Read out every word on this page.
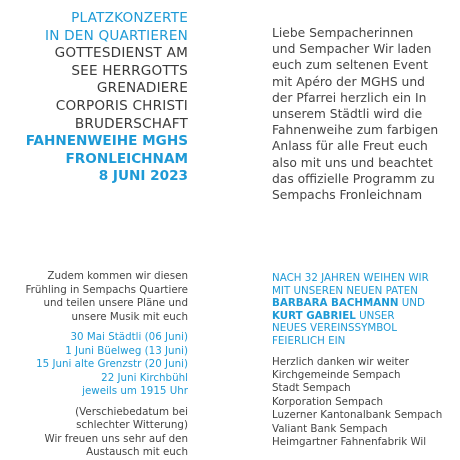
PLATZKONZERTE
IN DEN QUARTIEREN
GOTTESDIENST AM
SEE HERRGOTTS
GRENADIERE
CORPORIS CHRISTI
BRUDERSCHAFT
FAHNENWEIHE MGHS
FRONLEICHNAM
8 JUNI 2023
Liebe Sempacherinnen
und Sempacher Wir laden
euch zum seltenen Event
mit Apéro der MGHS und
der Pfarrei herzlich ein In
unserem Städtli wird die
Fahnenweihe zum farbigen
Anlass für alle Freut euch
also mit uns und beachtet
das offizielle Programm zu
Sempachs Fronleichnam
Zudem kommen wir diesen
Frühling in Sempachs Quartiere
und teilen unsere Pläne und
unsere Musik mit euch
30 Mai Städtli (06 Juni)
1 Juni Büelweg (13 Juni)
15 Juni alte Grenzstr (20 Juni)
22 Juni Kirchbühl
jeweils um 1915 Uhr
(Verschiebedatum bei
schlechter Witterung)
Wir freuen uns sehr auf den
Austausch mit euch
NACH 32 JAHREN WEIHEN WIR
MIT UNSEREN NEUEN PATEN
BARBARA BACHMANN UND
KURT GABRIEL UNSER
NEUES VEREINSSYMBOL
FEIERLICH EIN
Herzlich danken wir weiter
Kirchgemeinde Sempach
Stadt Sempach
Korporation Sempach
Luzerner Kantonalbank Sempach
Valiant Bank Sempach
Heimgartner Fahnenfabrik Wil
